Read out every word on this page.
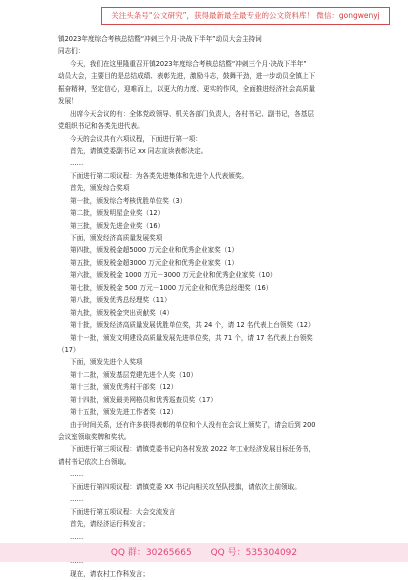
关注头条号“公文研究”，获得最新最全最专业的公文资料库！ 微信：gongwenyj
镇2023年度综合考核总结暨“冲刺三个月·决战下半年”动员大会主持词
同志们：
今天，我们在这里隆重召开镇2023年度综合考核总结暨“冲刺三个月·决战下半年”
动员大会，主要目的是总结成绩、表彰先进，激励斗志，鼓舞干劲，进一步动员全镇上下
振奋精神，坚定信心，迎难而上，以更大的力度、更实的作风，全面推进经济社会高质量
发展！
出席今天会议的有：全体党政领导、机关各部门负责人，各村书记、副书记，各基层
党组织书记和各类先进代表。
今天的会议共有六项议程，下面进行第一项：
首先，请镇党委副书记 xx 同志宣读表彰决定。
……
下面进行第二项议程：为各类先进集体和先进个人代表颁奖。
首先，颁发综合奖项
第一批，颁发综合考核优胜单位奖（3）
第二批，颁发明星企业奖（12）
第三批，颁发先进企业奖（16）
下面，颁发经济高质量发展奖项
第四批，颁发税金超5000 万元企业和优秀企业家奖（1）
第五批，颁发税金超3000 万元企业和优秀企业家奖（1）
第六批，颁发税金 1000 万元－3000 万元企业和优秀企业家奖（10）
第七批，颁发税金 500 万元－1000 万元企业和优秀总经理奖（16）
第八批，颁发优秀总经理奖（11）
第九批，颁发税金突出贡献奖（4）
第十批，颁发经济高质量发展优胜单位奖，共 24 个，请 12 名代表上台领奖（12）
第十一批，颁发文明建设高质量发展先进单位奖，共 71 个，请 17 名代表上台领奖
（17）
下面，颁发先进个人奖项
第十二批，颁发基层党建先进个人奖（10）
第十三批，颁发优秀村干部奖（12）
第十四批，颁发最美网格员和优秀巡查员奖（17）
第十五批，颁发先进工作者奖（12）
由于时间关系，还有许多获得表彰的单位和个人没有在会议上颁奖了，请会后到 200
会议室领取奖牌和奖状。
下面进行第三项议程：请镇党委书记向各村发放 2022 年工业经济发展目标任务书，
请村书记依次上台领取。
……
下面进行第四项议程：请镇党委 XX 书记向相关攻坚队授旗，请依次上前领取。
……
下面进行第五项议程：大会交流发言
首先，请经济运行科发言；
……
现在，请农村工作科发言；
QQ 群：30265665 QQ 号：535304092
